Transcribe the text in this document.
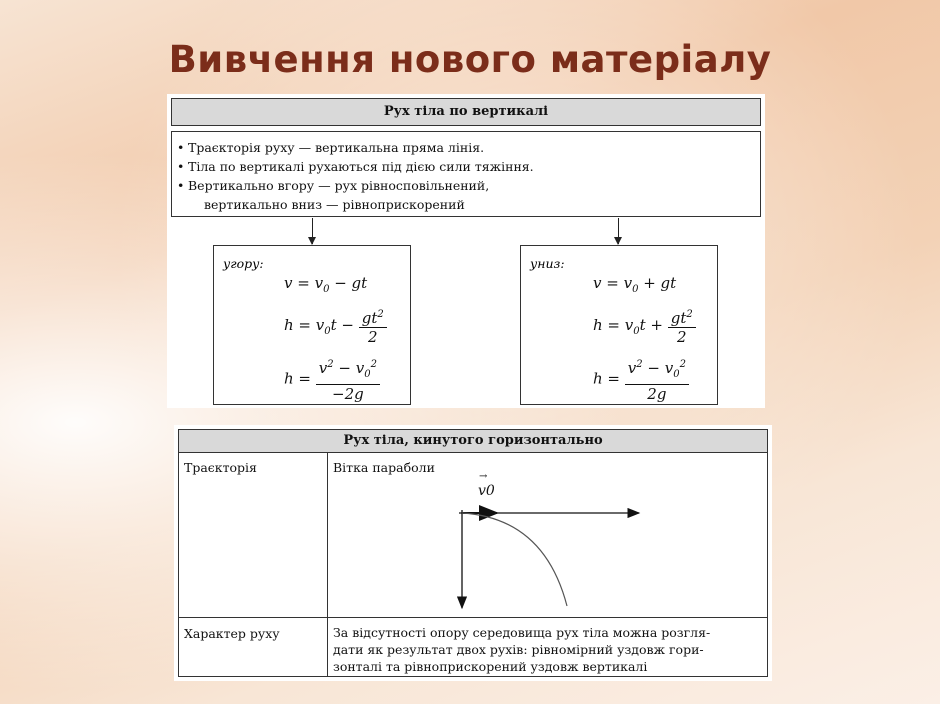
Вивчення нового матеріалу
Рух тіла по вертикалі
• Траєкторія руху — вертикальна пряма лінія.
• Тіла по вертикалі рухаються під дією сили тяжіння.
• Вертикально вгору — рух рівносповільнений,
вертикально вниз — рівноприскорений
угору:
$v = v_0$ − gt
$h = v_0t - \frac{gt^2}{2}$
$h = \frac{v^2 - v_0^2}{-2g}$
униз:
$v = v_0$ + gt
$h = v_0t + \frac{gt^2}{2}$
$h = \frac{v^2 - v_0^2}{2g}$
Рух тіла, кинутого горизонтально
Траєкторія	Вітка параболи
→
v0
Характер руху	За відсутності опору середовища рух тіла можна розгля-
дати як результат двох рухів: рівномірний уздовж гори-
зонталі та рівноприскорений уздовж вертикалі
